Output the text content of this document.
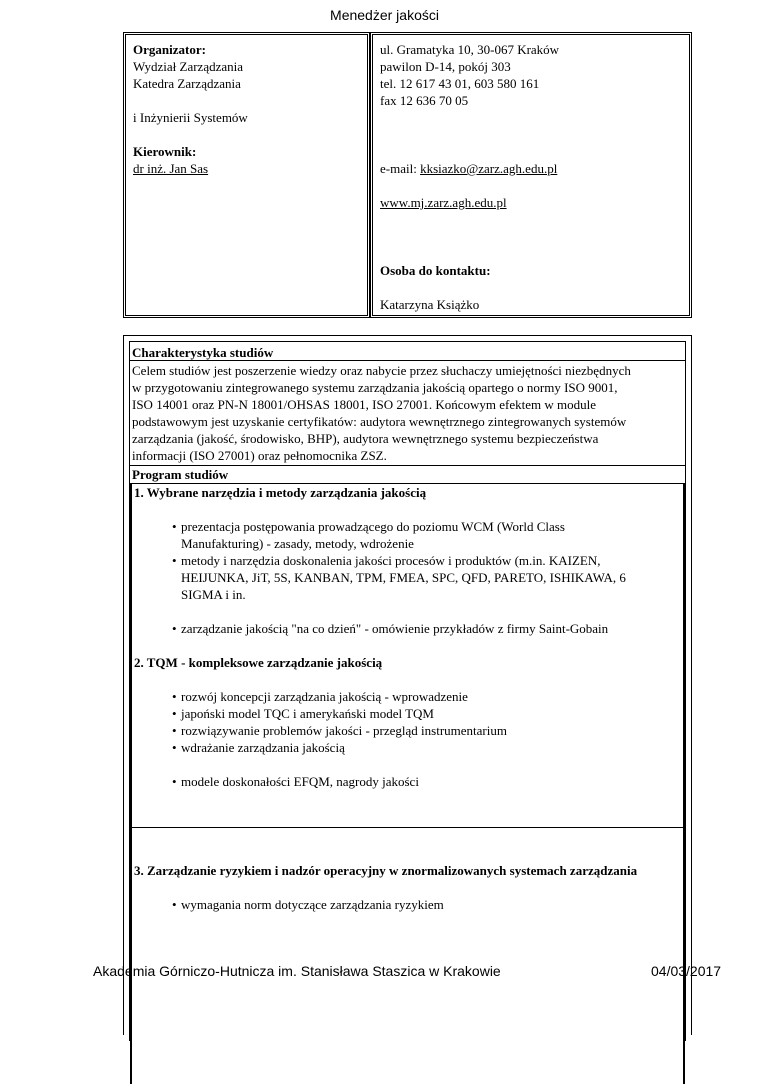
Menedżer jakości
Organizator:
Wydział Zarządzania
Katedra Zarządzania
i Inżynierii Systemów
Kierownik:
dr inż. Jan Sas
ul. Gramatyka 10, 30-067 Kraków
pawilon D-14, pokój 303
tel. 12 617 43 01, 603 580 161
fax 12 636 70 05
e-mail: kksiazko@zarz.agh.edu.pl
www.mj.zarz.agh.edu.pl
Osoba do kontaktu:
Katarzyna Książko
Charakterystyka studiów
Celem studiów jest poszerzenie wiedzy oraz nabycie przez słuchaczy umiejętności niezbędnych
w przygotowaniu zintegrowanego systemu zarządzania jakością opartego o normy ISO 9001,
ISO 14001 oraz PN-N 18001/OHSAS 18001, ISO 27001. Końcowym efektem w module
podstawowym jest uzyskanie certyfikatów: audytora wewnętrznego zintegrowanych systemów
zarządzania (jakość, środowisko, BHP), audytora wewnętrznego systemu bezpieczeństwa
informacji (ISO 27001) oraz pełnomocnika ZSZ.
Program studiów
1. Wybrane narzędzia i metody zarządzania jakością
• prezentacja postępowania prowadzącego do poziomu WCM (World Class
Manufakturing) - zasady, metody, wdrożenie
• metody i narzędzia doskonalenia jakości procesów i produktów (m.in. KAIZEN,
HEIJUNKA, JiT, 5S, KANBAN, TPM, FMEA, SPC, QFD, PARETO, ISHIKAWA, 6
SIGMA i in.
• zarządzanie jakością "na co dzień" - omówienie przykładów z firmy Saint-Gobain
2. TQM - kompleksowe zarządzanie jakością
• rozwój koncepcji zarządzania jakością - wprowadzenie
• japoński model TQC i amerykański model TQM
• rozwiązywanie problemów jakości - przegląd instrumentarium
• wdrażanie zarządzania jakością
• modele doskonałości EFQM, nagrody jakości
3. Zarządzanie ryzykiem i nadzór operacyjny w znormalizowanych systemach zarządzania
• wymagania norm dotyczące zarządzania ryzykiem
Akademia Górniczo-Hutnicza im. Stanisława Staszica w Krakowie	04/03/2017
